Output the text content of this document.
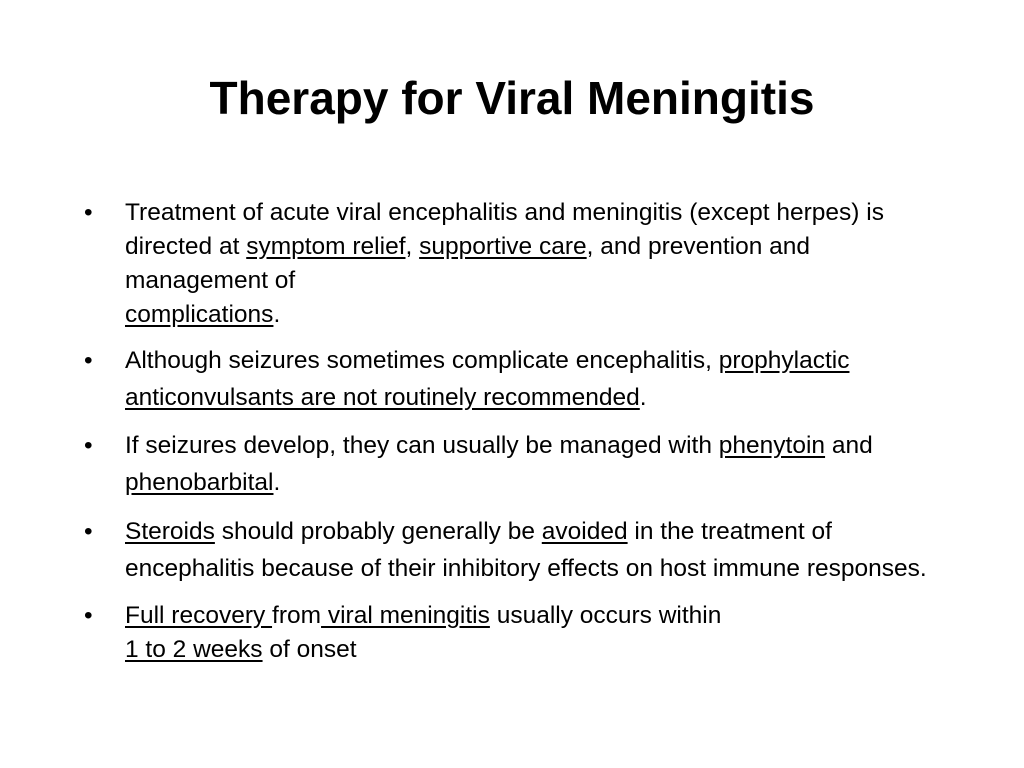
Therapy for Viral Meningitis
• Treatment of acute viral encephalitis and meningitis (except herpes) is directed at symptom relief, supportive care, and prevention and management of
complications.
• Although seizures sometimes complicate encephalitis, prophylactic anticonvulsants are not routinely recommended.
• If seizures develop, they can usually be managed with phenytoin and phenobarbital.
• Steroids should probably generally be avoided in the treatment of encephalitis because of their inhibitory effects on host immune responses.
• Full recovery from viral meningitis usually occurs within
1 to 2 weeks of onset
